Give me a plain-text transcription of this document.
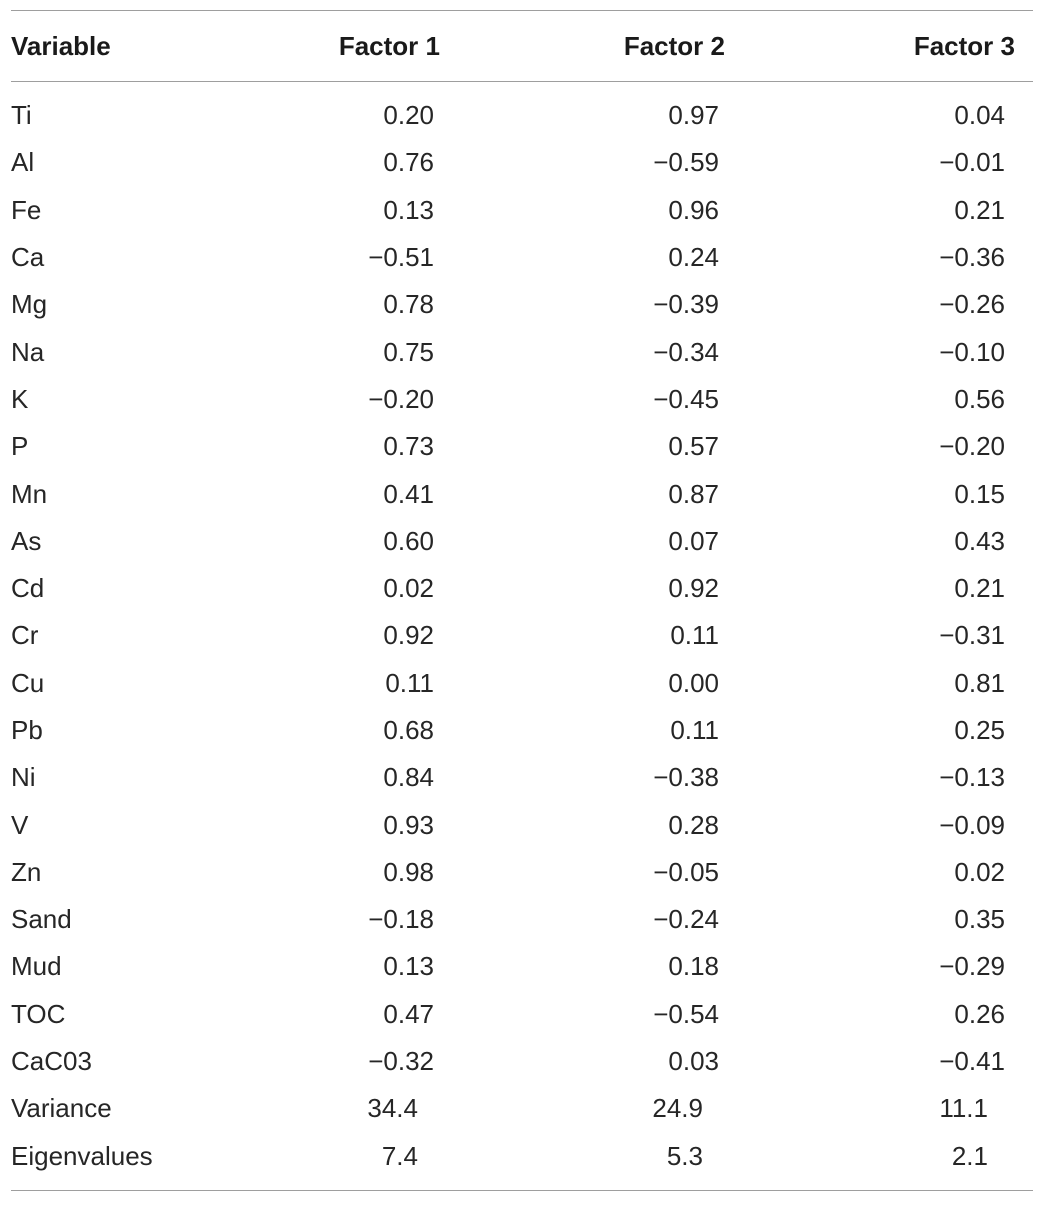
Variable	Factor 1	Factor 2	Factor 3
Ti	0.20	0.97	0.04
Al	0.76	−0.59	−0.01
Fe	0.13	0.96	0.21
Ca	−0.51	0.24	−0.36
Mg	0.78	−0.39	−0.26
Na	0.75	−0.34	−0.10
K	−0.20	−0.45	0.56
P	0.73	0.57	−0.20
Mn	0.41	0.87	0.15
As	0.60	0.07	0.43
Cd	0.02	0.92	0.21
Cr	0.92	0.11	−0.31
Cu	0.11	0.00	0.81
Pb	0.68	0.11	0.25
Ni	0.84	−0.38	−0.13
V	0.93	0.28	−0.09
Zn	0.98	−0.05	0.02
Sand	−0.18	−0.24	0.35
Mud	0.13	0.18	−0.29
TOC	0.47	−0.54	0.26
CaC03	−0.32	0.03	−0.41
Variance	34.4	24.9	11.1
Eigenvalues	7.4	5.3	2.1
